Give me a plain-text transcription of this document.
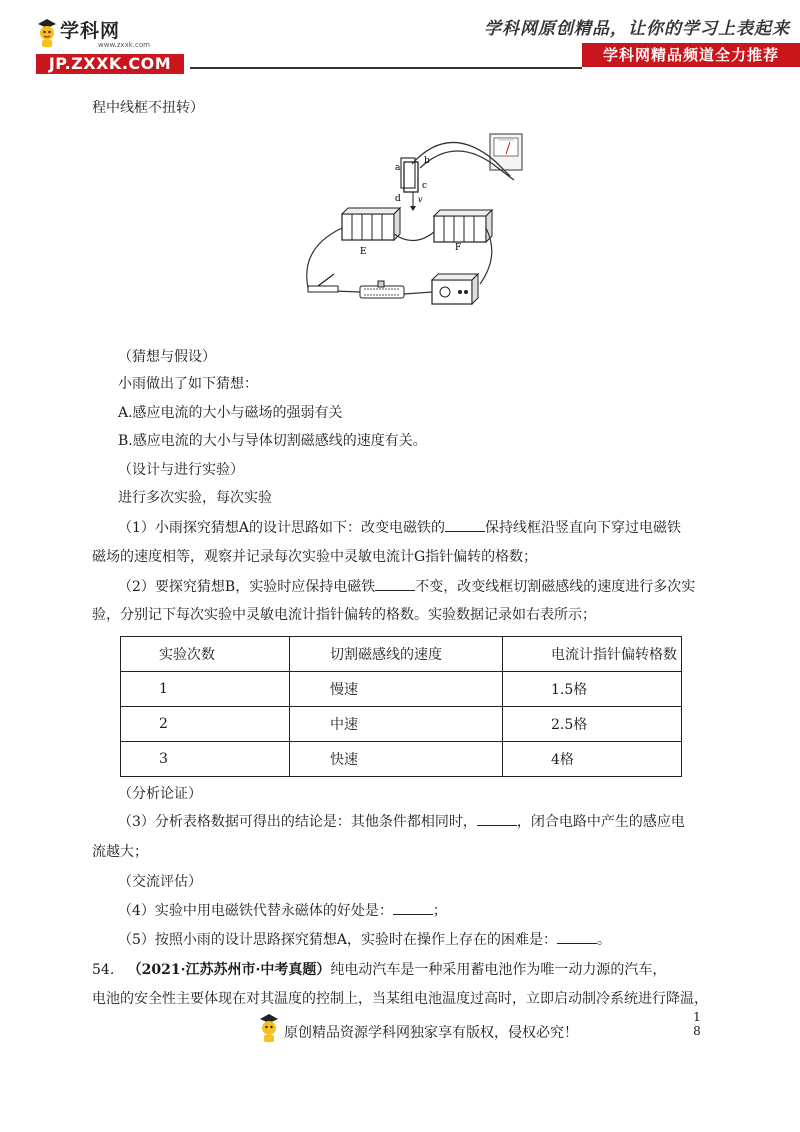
学科网
www.zxxk.com
JP.ZXXK.COM
学科网原创精品，让你的学习上表起来
学科网精品频道全力推荐
程中线框不扭转）
a
b
c
d v
E	F
（猜想与假设）
小雨做出了如下猜想：
A.感应电流的大小与磁场的强弱有关
B.感应电流的大小与导体切割磁感线的速度有关。
（设计与进行实验）
进行多次实验，每次实验
（1）小雨探究猜想A的设计思路如下：改变电磁铁的	保持线框沿竖直向下穿过电磁铁
磁场的速度相等，观察并记录每次实验中灵敏电流计G指针偏转的格数；
（2）要探究猜想B，实验时应保持电磁铁	不变，改变线框切割磁感线的速度进行多次实
验，分别记下每次实验中灵敏电流计指针偏转的格数。实验数据记录如右表所示；
实验次数	切割磁感线的速度	电流计指针偏转格数
1	慢速	1.5格
2	中速	2.5格
3	快速	4格
（分析论证）
（3）分析表格数据可得出的结论是：其他条件都相同时，	，闭合电路中产生的感应电
流越大；
（交流评估）
（4）实验中用电磁铁代替永磁体的好处是：	；
（5）按照小雨的设计思路探究猜想A，实验时在操作上存在的困难是：	。
54. （2021·江苏苏州市·中考真题）纯电动汽车是一种采用蓄电池作为唯一动力源的汽车，
电池的安全性主要体现在对其温度的控制上，当某组电池温度过高时，立即启动制冷系统进行降温，
原创精品资源学科网独家享有版权，侵权必究！
1
8
